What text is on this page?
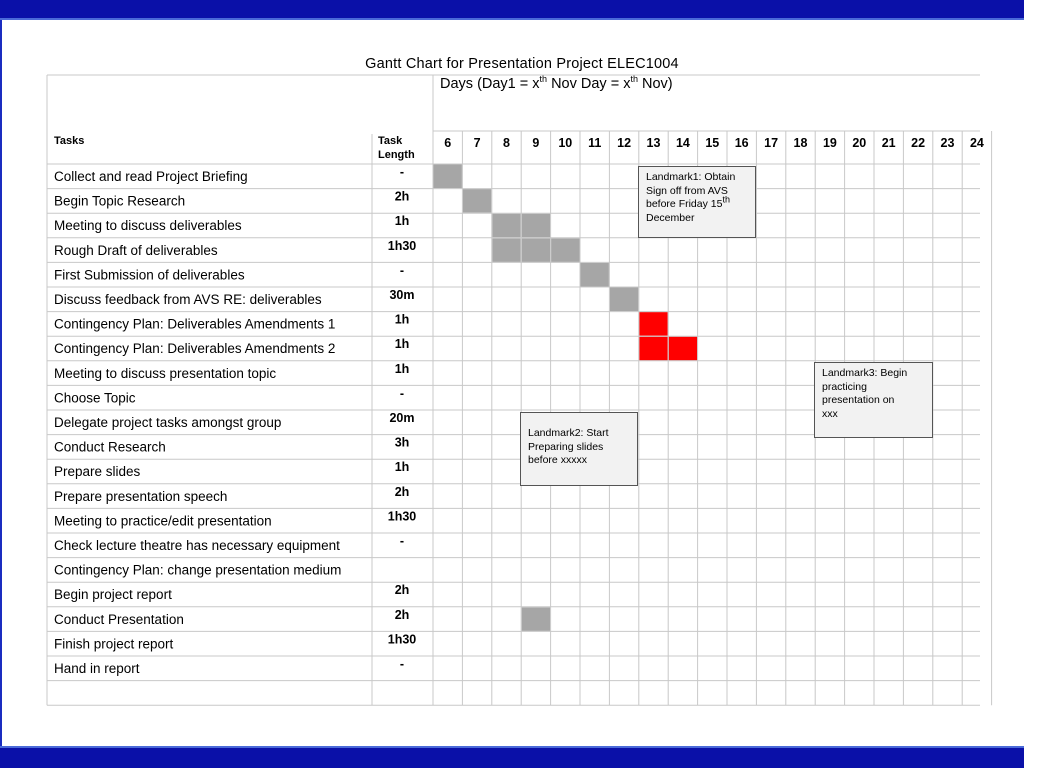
Gantt Chart for Presentation Project ELEC1004
6 7 8 9 10 11 12 13 14 15 16 17 18 19 20 21 22 23 24
Tasks	Task
Length
Collect and read Project Briefing	-
Begin Topic Research	2h
Meeting to discuss deliverables	1h
Rough Draft of deliverables	1h30
First Submission of deliverables	-
Discuss feedback from AVS RE: deliverables	30m
Contingency Plan: Deliverables Amendments 1	1h
Contingency Plan: Deliverables Amendments 2	1h
Meeting to discuss presentation topic	1h
Choose Topic	-
Delegate project tasks amongst group	20m
Conduct Research	3h
Prepare slides	1h
Prepare presentation speech	2h
Meeting to practice/edit presentation	1h30
Check lecture theatre has necessary equipment	-
Contingency Plan: change presentation medium
Begin project report	2h
Conduct Presentation	2h
Finish project report	1h30
Hand in report	-
Days ($Day1 = x^{th}$ Nov Day = $x^{th}$ Nov)
Landmark1: Obtain
Sign off from AVS
before Friday 15th
December
Landmark2: Start
Preparing slides
before xxxxx
Landmark3: Begin
practicing
presentation on
xxx
